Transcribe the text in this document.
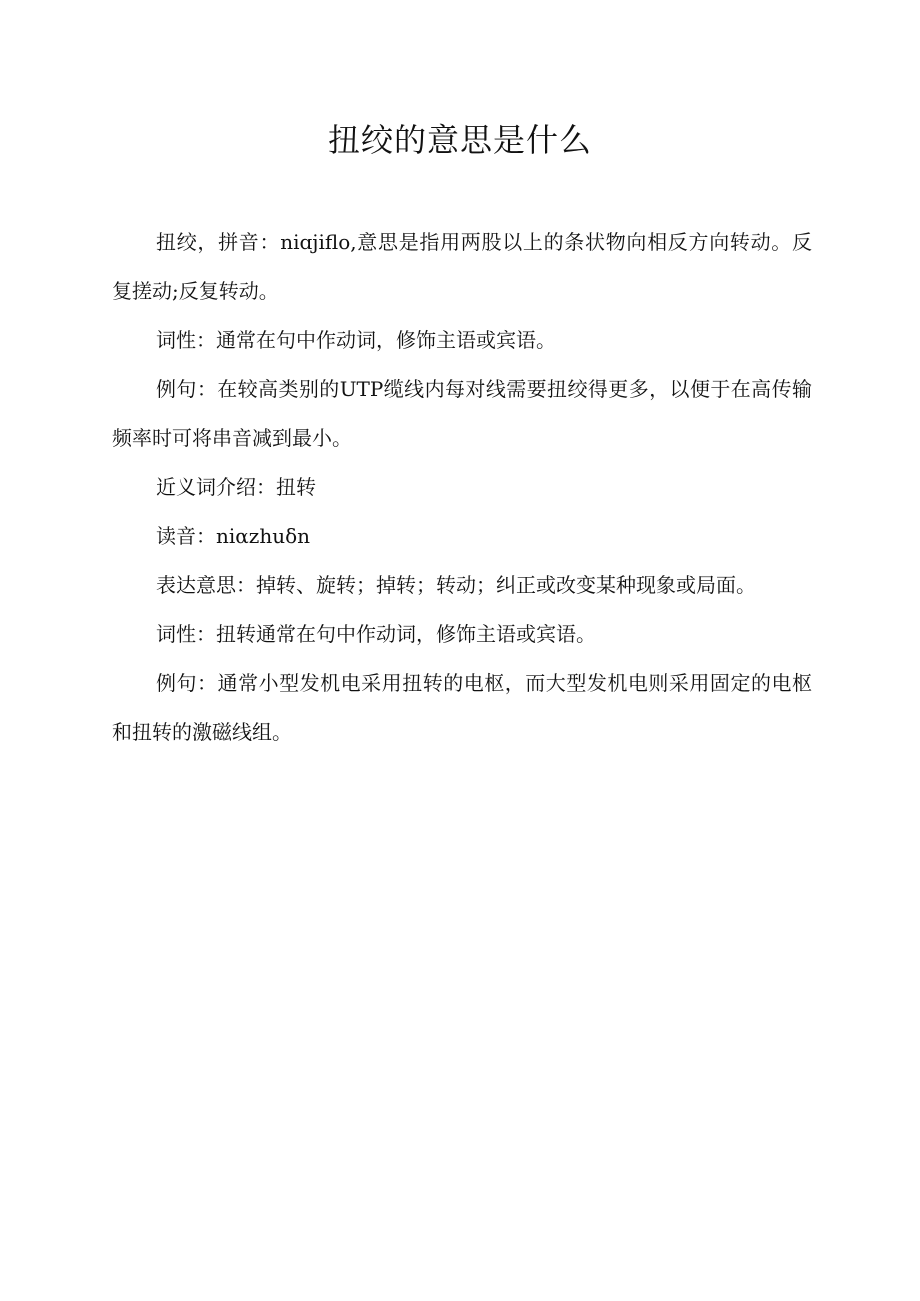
扭绞的意思是什么

扭绞，拼音：niɑjiflo,意思是指用两股以上的条状物向相反方向转动。反复搓动;反复转动。

词性：通常在句中作动词，修饰主语或宾语。

例句：在较高类别的UTP缆线内每对线需要扭绞得更多，以便于在高传输频率时可将串音减到最小。

近义词介绍：扭转

读音：niαzhuδn

表达意思：掉转、旋转；掉转；转动；纠正或改变某种现象或局面。

词性：扭转通常在句中作动词，修饰主语或宾语。

例句：通常小型发机电采用扭转的电枢，而大型发机电则采用固定的电枢和扭转的激磁线组。
